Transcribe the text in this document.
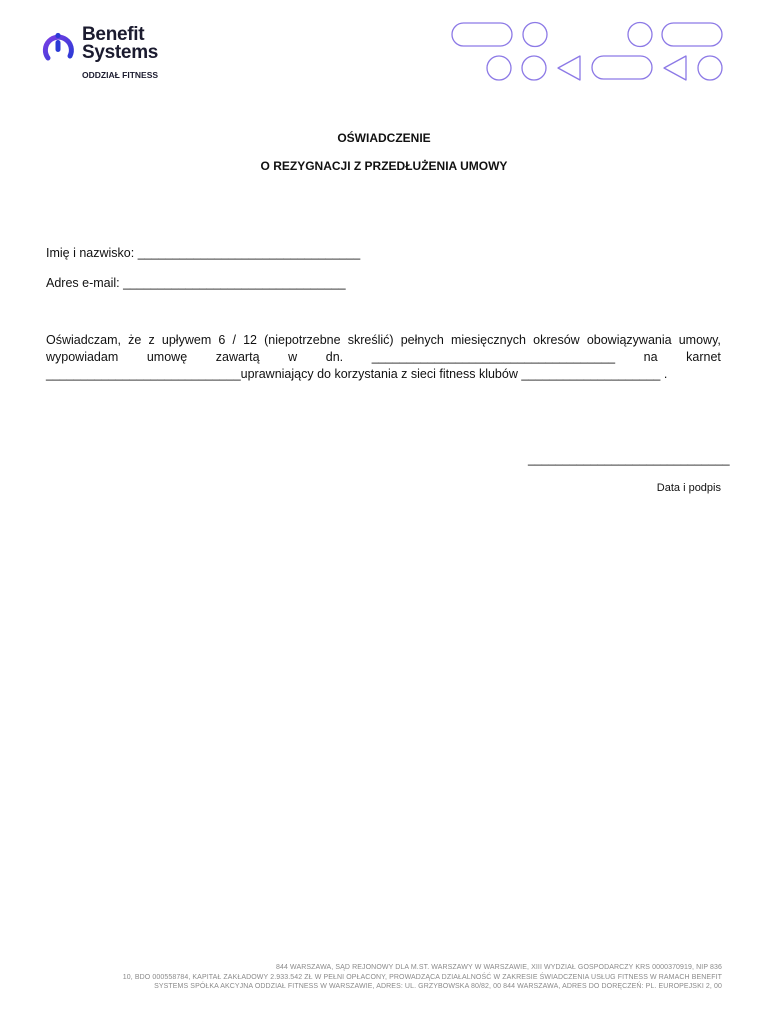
Benefit
Systems
ODDZIAŁ FITNESS
OŚWIADCZENIE
O REZYGNACJI Z PRZEDŁUŻENIA UMOWY
Imię i nazwisko: ________________________________
Adres e-mail: ________________________________
Oświadczam, że z upływem 6 / 12 (niepotrzebne skreślić) pełnych miesięcznych okresów obowiązywania umowy,
wypowiadam umowę zawartą w dn. ___________________________________ na karnet
____________________________uprawniający do korzystania z sieci fitness klubów ____________________ .
_____________________________
Data i podpis
844 WARSZAWA, SĄD REJONOWY DLA M.ST. WARSZAWY W WARSZAWIE, XIII WYDZIAŁ GOSPODARCZY KRS 0000370919, NIP 836
10, BDO 000558784, KAPITAŁ ZAKŁADOWY 2.933.542 ZŁ W PEŁNI OPŁACONY, PROWADZĄCA DZIAŁALNOŚĆ W ZAKRESIE ŚWIADCZENIA USŁUG FITNESS W RAMACH BENEFIT
SYSTEMS SPÓŁKA AKCYJNA ODDZIAŁ FITNESS W WARSZAWIE, ADRES: UL. GRZYBOWSKA 80/82, 00 844 WARSZAWA, ADRES DO DORĘCZEŃ: PL. EUROPEJSKI 2, 00
